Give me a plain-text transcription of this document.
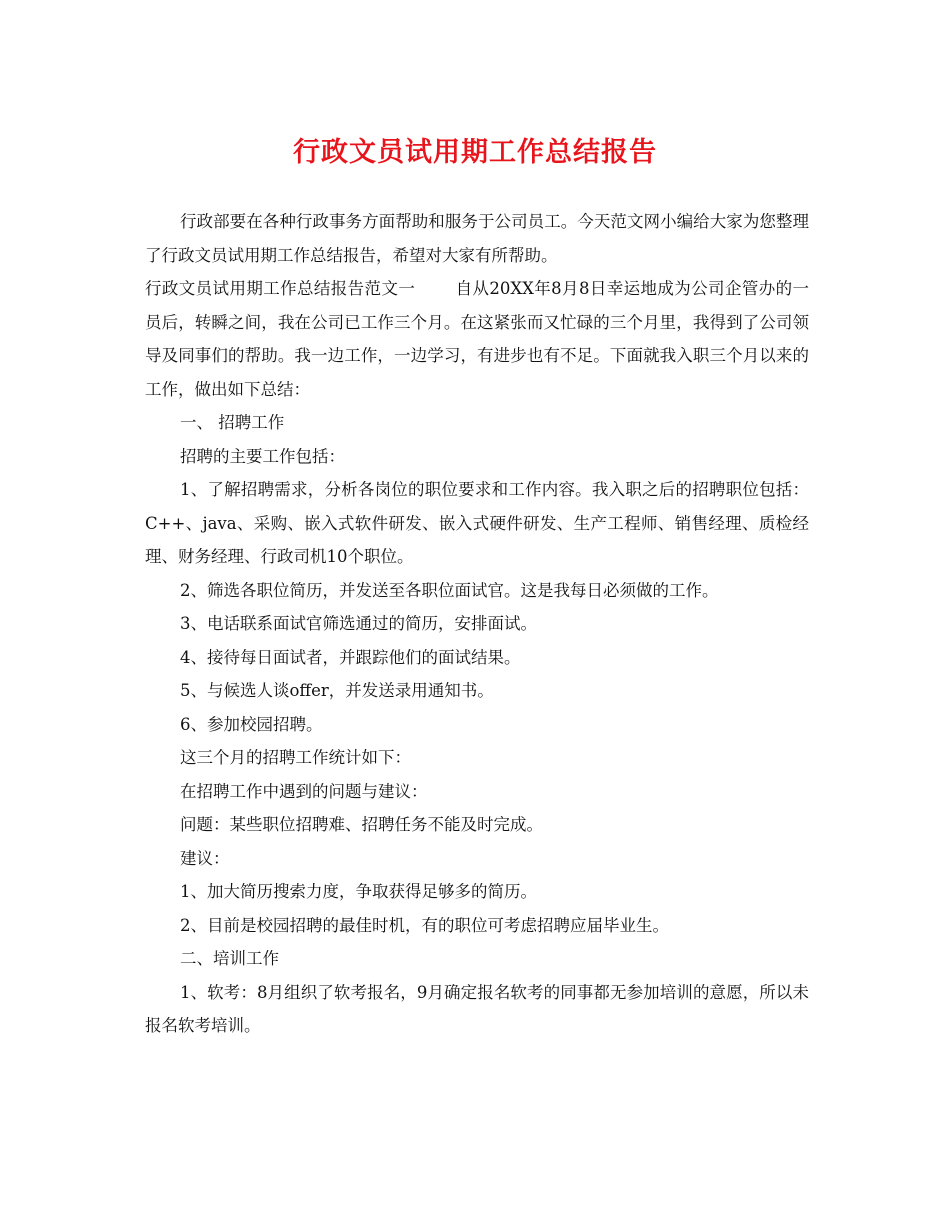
行政文员试用期工作总结报告

行政部要在各种行政事务方面帮助和服务于公司员工。今天范文网小编给大家为您整理了行政文员试用期工作总结报告，希望对大家有所帮助。

行政文员试用期工作总结报告范文一 自从20XX年8月8日幸运地成为公司企管办的一员后，转瞬之间，我在公司已工作三个月。在这紧张而又忙碌的三个月里，我得到了公司领导及同事们的帮助。我一边工作，一边学习，有进步也有不足。下面就我入职三个月以来的工作，做出如下总结：

一、 招聘工作

招聘的主要工作包括：

1、了解招聘需求，分析各岗位的职位要求和工作内容。我入职之后的招聘职位包括：C++、java、采购、嵌入式软件研发、嵌入式硬件研发、生产工程师、销售经理、质检经理、财务经理、行政司机10个职位。

2、筛选各职位简历，并发送至各职位面试官。这是我每日必须做的工作。

3、电话联系面试官筛选通过的简历，安排面试。

4、接待每日面试者，并跟踪他们的面试结果。

5、与候选人谈offer，并发送录用通知书。

6、参加校园招聘。

这三个月的招聘工作统计如下：

在招聘工作中遇到的问题与建议：

问题：某些职位招聘难、招聘任务不能及时完成。

建议：

1、加大简历搜索力度，争取获得足够多的简历。

2、目前是校园招聘的最佳时机，有的职位可考虑招聘应届毕业生。

二、培训工作

1、软考：8月组织了软考报名，9月确定报名软考的同事都无参加培训的意愿，所以未报名软考培训。
